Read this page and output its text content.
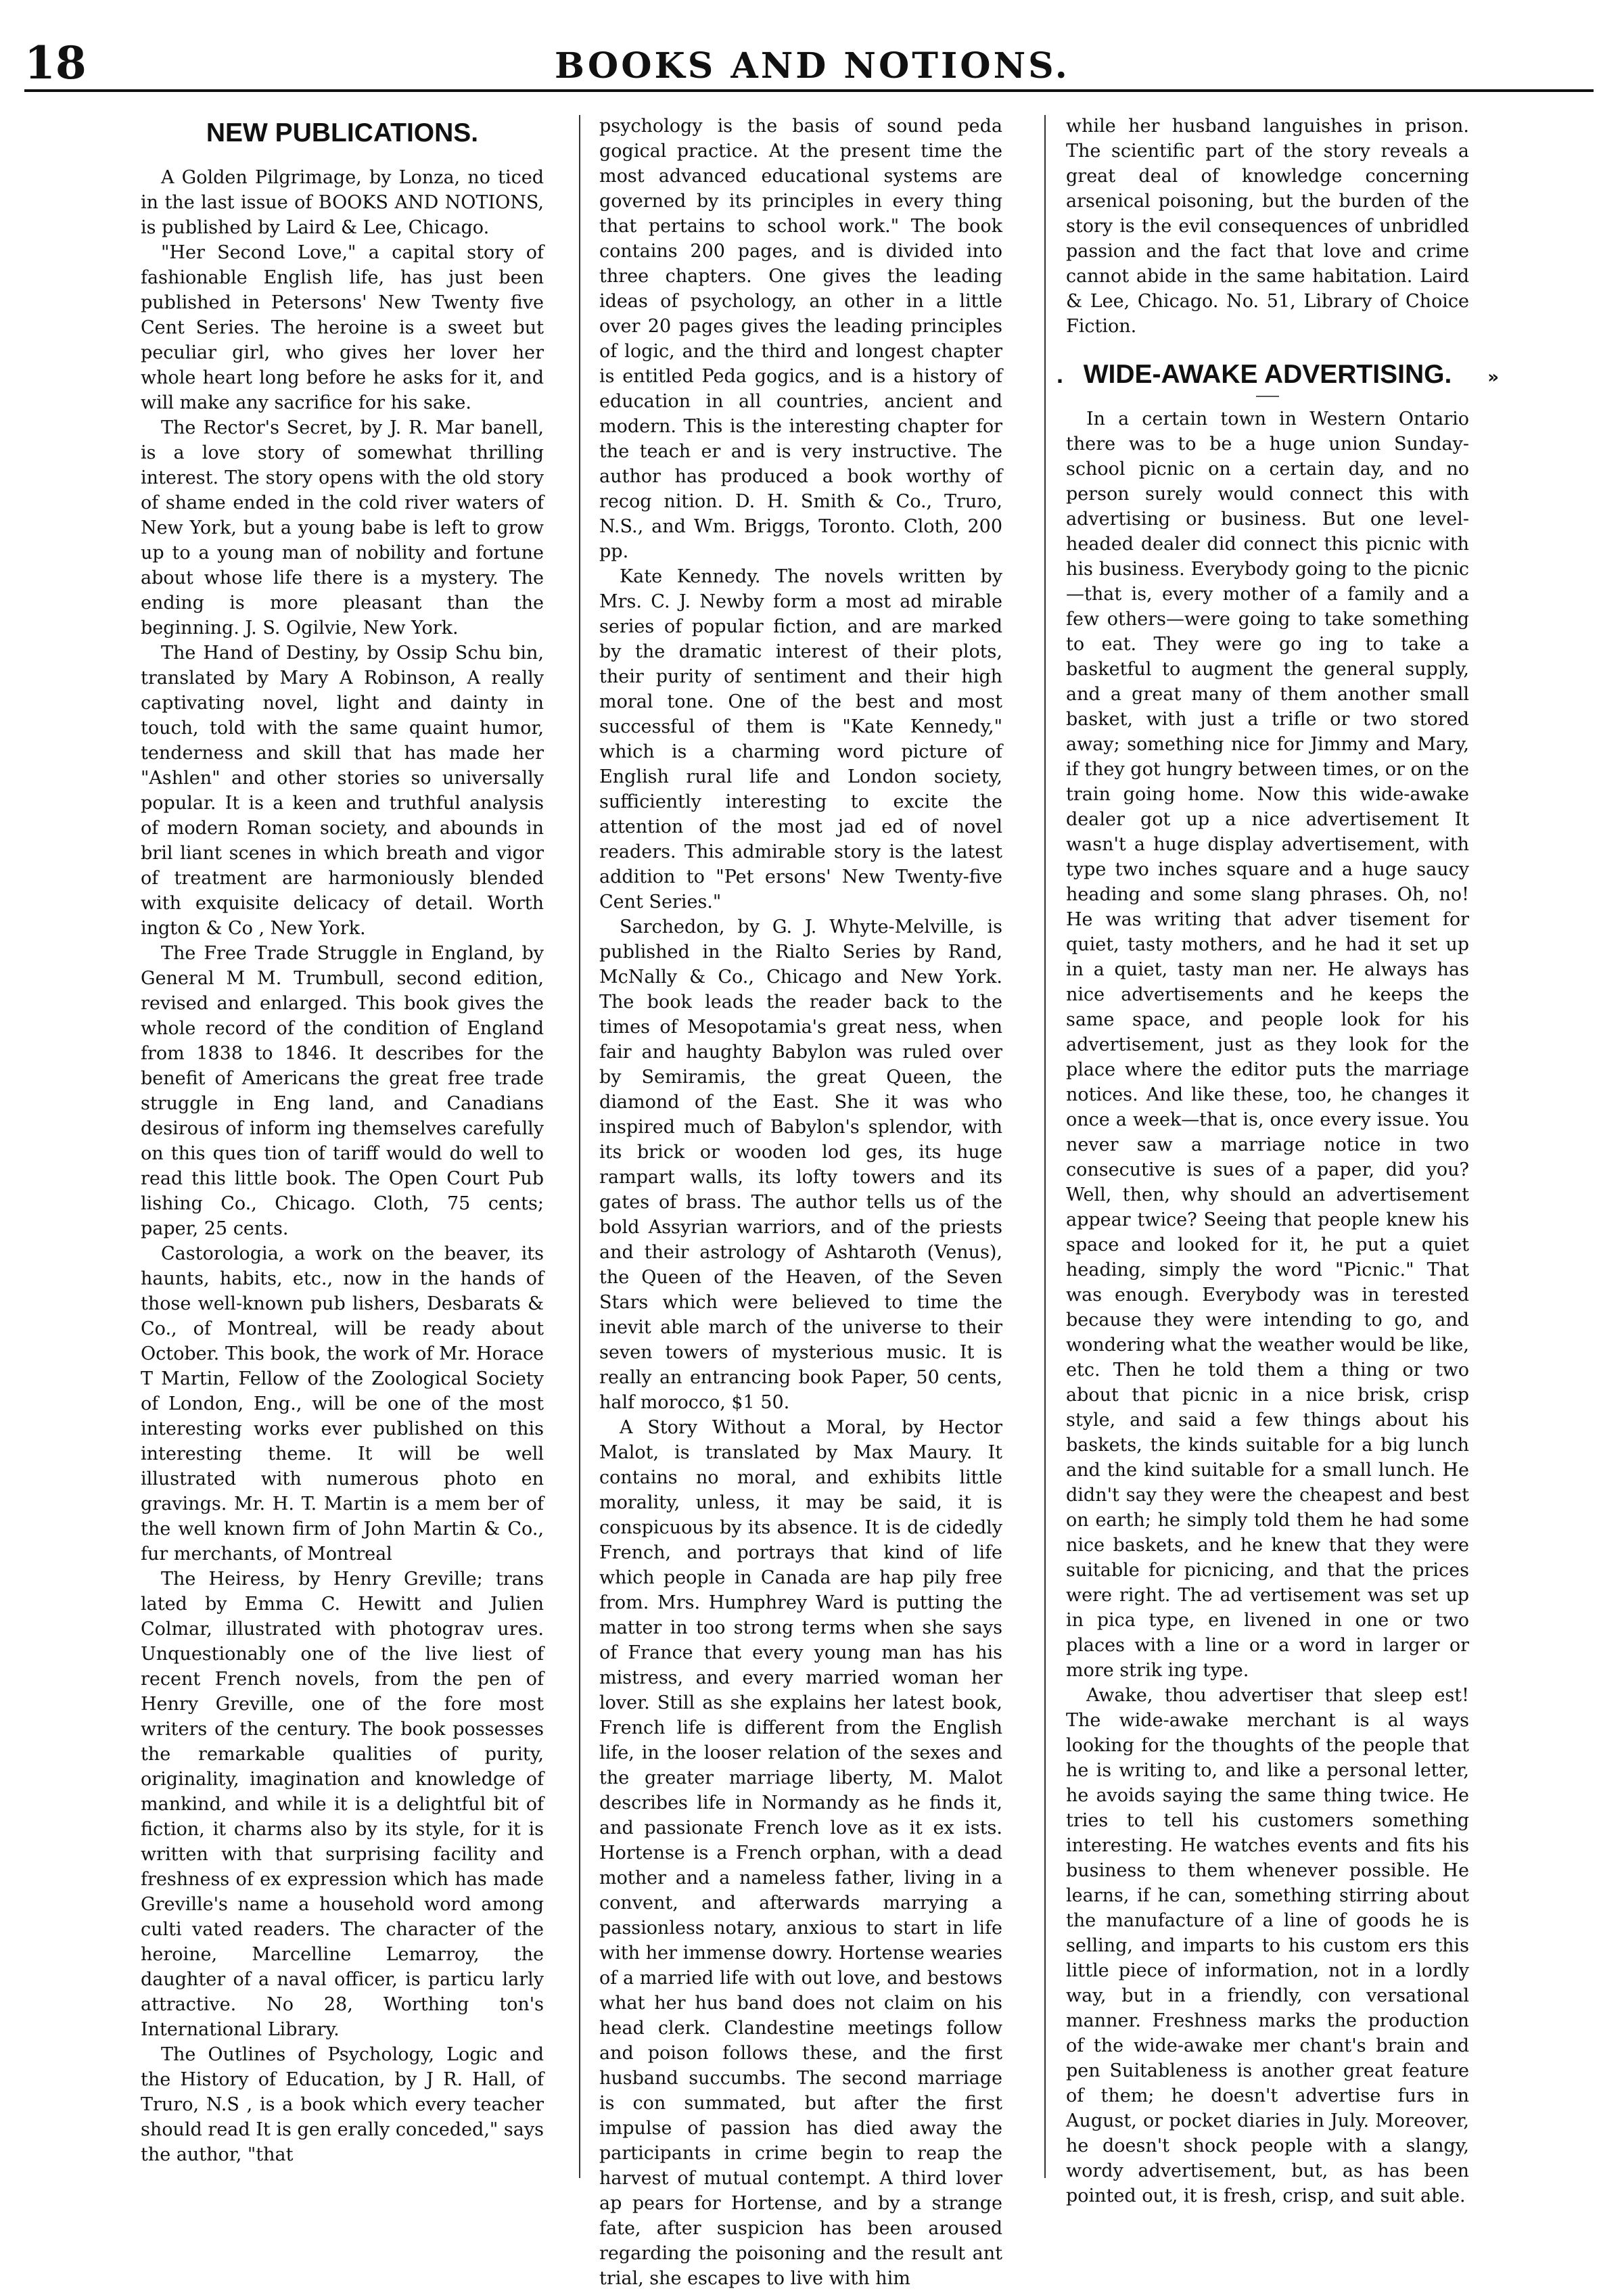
18	BOOKS AND NOTIONS.
NEW PUBLICATIONS.

A Golden Pilgrimage, by Lonza, no ticed in the last issue of BOOKS AND NOTIONS, is published by Laird & Lee, Chicago.

"Her Second Love," a capital story of fashionable English life, has just been published in Petersons' New Twenty five Cent Series. The heroine is a sweet but peculiar girl, who gives her lover her whole heart long before he asks for it, and will make any sacrifice for his sake.

The Rector's Secret, by J. R. Mar banell, is a love story of somewhat thrilling interest. The story opens with the old story of shame ended in the cold river waters of New York, but a young babe is left to grow up to a young man of nobility and fortune about whose life there is a mystery. The ending is more pleasant than the beginning. J. S. Ogilvie, New York.

The Hand of Destiny, by Ossip Schu bin, translated by Mary A Robinson, A really captivating novel, light and dainty in touch, told with the same quaint humor, tenderness and skill that has made her "Ashlen" and other stories so universally popular. It is a keen and truthful analysis of modern Roman society, and abounds in bril liant scenes in which breath and vigor of treatment are harmoniously blended with exquisite delicacy of detail. Worth ington & Co , New York.

The Free Trade Struggle in England, by General M M. Trumbull, second edition, revised and enlarged. This book gives the whole record of the condition of England from 1838 to 1846. It describes for the benefit of Americans the great free trade struggle in Eng land, and Canadians desirous of inform ing themselves carefully on this ques tion of tariff would do well to read this little book. The Open Court Pub lishing Co., Chicago. Cloth, 75 cents; paper, 25 cents.

Castorologia, a work on the beaver, its haunts, habits, etc., now in the hands of those well-known pub lishers, Desbarats & Co., of Montreal, will be ready about October. This book, the work of Mr. Horace T Martin, Fellow of the Zoological Society of London, Eng., will be one of the most interesting works ever published on this interesting theme. It will be well illustrated with numerous photo en gravings. Mr. H. T. Martin is a mem ber of the well known firm of John Martin & Co., fur merchants, of Montreal

The Heiress, by Henry Greville; trans lated by Emma C. Hewitt and Julien Colmar, illustrated with photograv ures. Unquestionably one of the live liest of recent French novels, from the pen of Henry Greville, one of the fore most writers of the century. The book possesses the remarkable qualities of purity, originality, imagination and knowledge of mankind, and while it is a delightful bit of fiction, it charms also by its style, for it is written with that surprising facility and freshness of ex expression which has made Greville's name a household word among culti vated readers. The character of the heroine, Marcelline Lemarroy, the daughter of a naval officer, is particu larly attractive. No 28, Worthing ton's International Library.

The Outlines of Psychology, Logic and the History of Education, by J R. Hall, of Truro, N.S , is a book which every teacher should read It is gen erally conceded," says the author, "that

psychology is the basis of sound peda gogical practice. At the present time the most advanced educational systems are governed by its principles in every thing that pertains to school work." The book contains 200 pages, and is divided into three chapters. One gives the leading ideas of psychology, an other in a little over 20 pages gives the leading principles of logic, and the third and longest chapter is entitled Peda gogics, and is a history of education in all countries, ancient and modern. This is the interesting chapter for the teach er and is very instructive. The author has produced a book worthy of recog nition. D. H. Smith & Co., Truro, N.S., and Wm. Briggs, Toronto. Cloth, 200 pp.

Kate Kennedy. The novels written by Mrs. C. J. Newby form a most ad mirable series of popular fiction, and are marked by the dramatic interest of their plots, their purity of sentiment and their high moral tone. One of the best and most successful of them is "Kate Kennedy," which is a charming word picture of English rural life and London society, sufficiently interesting to excite the attention of the most jad ed of novel readers. This admirable story is the latest addition to "Pet ersons' New Twenty-five Cent Series."

Sarchedon, by G. J. Whyte-Melville, is published in the Rialto Series by Rand, McNally & Co., Chicago and New York. The book leads the reader back to the times of Mesopotamia's great ness, when fair and haughty Babylon was ruled over by Semiramis, the great Queen, the diamond of the East. She it was who inspired much of Babylon's splendor, with its brick or wooden lod ges, its huge rampart walls, its lofty towers and its gates of brass. The author tells us of the bold Assyrian warriors, and of the priests and their astrology of Ashtaroth (Venus), the Queen of the Heaven, of the Seven Stars which were believed to time the inevit able march of the universe to their seven towers of mysterious music. It is really an entrancing book Paper, 50 cents, half morocco, $1 50.

A Story Without a Moral, by Hector Malot, is translated by Max Maury. It contains no moral, and exhibits little morality, unless, it may be said, it is conspicuous by its absence. It is de cidedly French, and portrays that kind of life which people in Canada are hap pily free from. Mrs. Humphrey Ward is putting the matter in too strong terms when she says of France that every young man has his mistress, and every married woman her lover. Still as she explains her latest book, French life is different from the English life, in the looser relation of the sexes and the greater marriage liberty, M. Malot describes life in Normandy as he finds it, and passionate French love as it ex ists. Hortense is a French orphan, with a dead mother and a nameless father, living in a convent, and afterwards marrying a passionless notary, anxious to start in life with her immense dowry. Hortense wearies of a married life with out love, and bestows what her hus band does not claim on his head clerk. Clandestine meetings follow and poison follows these, and the first husband succumbs. The second marriage is con summated, but after the first impulse of passion has died away the participants in crime begin to reap the harvest of mutual contempt. A third lover ap pears for Hortense, and by a strange fate, after suspicion has been aroused regarding the poisoning and the result ant trial, she escapes to live with him

while her husband languishes in prison. The scientific part of the story reveals a great deal of knowledge concerning arsenical poisoning, but the burden of the story is the evil consequences of unbridled passion and the fact that love and crime cannot abide in the same habitation. Laird & Lee, Chicago. No. 51, Library of Choice Fiction.

. WIDE-AWAKE ADVERTISING. »

In a certain town in Western Ontario there was to be a huge union Sunday-school picnic on a certain day, and no person surely would connect this with advertising or business. But one level-headed dealer did connect this picnic with his business. Everybody going to the picnic—that is, every mother of a family and a few others—were going to take something to eat. They were go ing to take a basketful to augment the general supply, and a great many of them another small basket, with just a trifle or two stored away; something nice for Jimmy and Mary, if they got hungry between times, or on the train going home. Now this wide-awake dealer got up a nice advertisement It wasn't a huge display advertisement, with type two inches square and a huge saucy heading and some slang phrases. Oh, no! He was writing that adver tisement for quiet, tasty mothers, and he had it set up in a quiet, tasty man ner. He always has nice advertisements and he keeps the same space, and people look for his advertisement, just as they look for the place where the editor puts the marriage notices. And like these, too, he changes it once a week—that is, once every issue. You never saw a marriage notice in two consecutive is sues of a paper, did you? Well, then, why should an advertisement appear twice? Seeing that people knew his space and looked for it, he put a quiet heading, simply the word "Picnic." That was enough. Everybody was in terested because they were intending to go, and wondering what the weather would be like, etc. Then he told them a thing or two about that picnic in a nice brisk, crisp style, and said a few things about his baskets, the kinds suitable for a big lunch and the kind suitable for a small lunch. He didn't say they were the cheapest and best on earth; he simply told them he had some nice baskets, and he knew that they were suitable for picnicing, and that the prices were right. The ad vertisement was set up in pica type, en livened in one or two places with a line or a word in larger or more strik ing type.

Awake, thou advertiser that sleep est! The wide-awake merchant is al ways looking for the thoughts of the people that he is writing to, and like a personal letter, he avoids saying the same thing twice. He tries to tell his customers something interesting. He watches events and fits his business to them whenever possible. He learns, if he can, something stirring about the manufacture of a line of goods he is selling, and imparts to his custom ers this little piece of information, not in a lordly way, but in a friendly, con versational manner. Freshness marks the production of the wide-awake mer chant's brain and pen Suitableness is another great feature of them; he doesn't advertise furs in August, or pocket diaries in July. Moreover, he doesn't shock people with a slangy, wordy advertisement, but, as has been pointed out, it is fresh, crisp, and suit able.
